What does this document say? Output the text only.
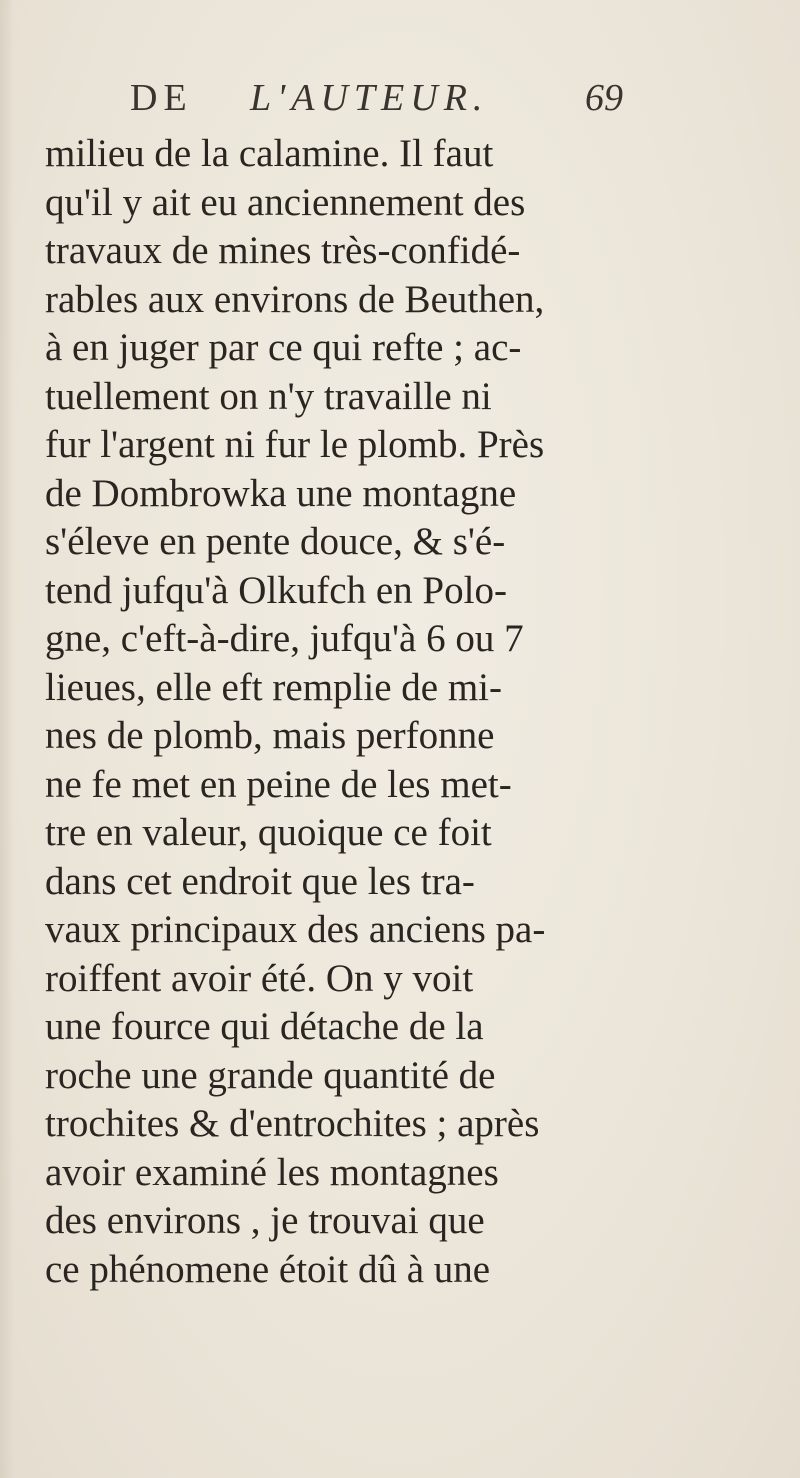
DE L'AUTEUR.	69
milieu de la calamine. Il faut
qu'il y ait eu anciennement des
travaux de mines très-confidé-
rables aux environs de Beuthen,
à en juger par ce qui refte ; ac-
tuellement on n'y travaille ni
fur l'argent ni fur le plomb. Près
de Dombrowka une montagne
s'éleve en pente douce, & s'é-
tend jufqu'à Olkufch en Polo-
gne, c'eft-à-dire, jufqu'à 6 ou 7
lieues, elle eft remplie de mi-
nes de plomb, mais perfonne
ne fe met en peine de les met-
tre en valeur, quoique ce foit
dans cet endroit que les tra-
vaux principaux des anciens pa-
roiffent avoir été. On y voit
une fource qui détache de la
roche une grande quantité de
trochites & d'entrochites ; après
avoir examiné les montagnes
des environs , je trouvai que
ce phénomene étoit dû à une
